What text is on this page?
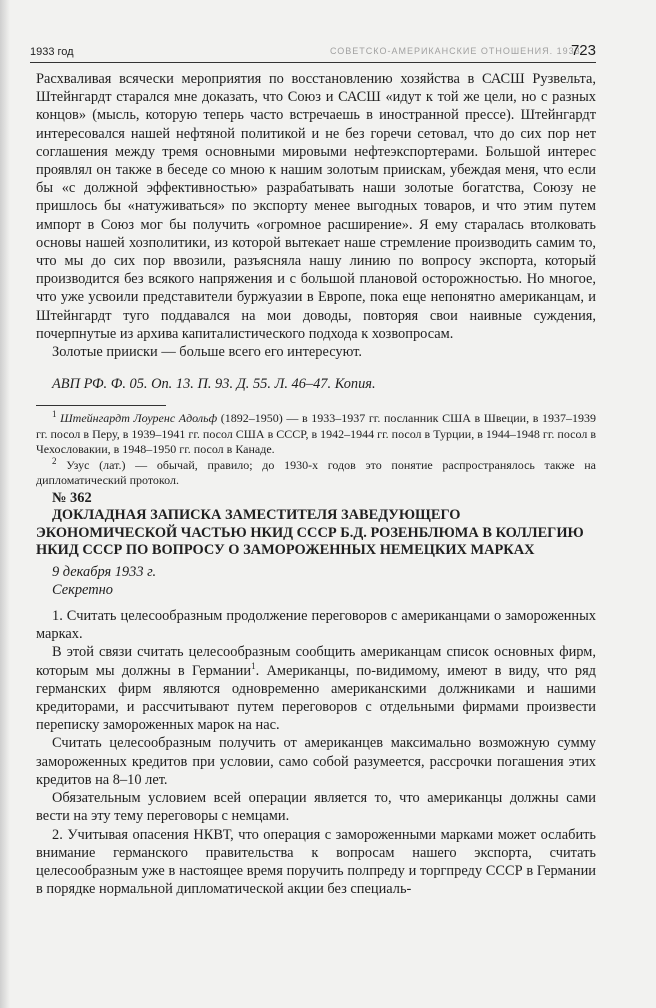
1933 год	СОВЕТСКО-АМЕРИКАНСКИЕ ОТНОШЕНИЯ. 1933
723

Расхваливая всячески мероприятия по восстановлению хозяйства в САСШ Рузвельта, Штейнгардт старался мне доказать, что Союз и САСШ «идут к той же цели, но с разных концов» (мысль, которую теперь часто встречаешь в иностранной прессе). Штейнгардт интересовался нашей нефтяной политикой и не без горечи сетовал, что до сих пор нет соглашения между тремя основными мировыми нефтеэкспортерами. Большой интерес проявлял он также в беседе со мною к нашим золотым приискам, убеждая меня, что если бы «с должной эффективностью» разрабатывать наши золотые богатства, Союзу не пришлось бы «натуживаться» по экспорту менее выгодных товаров, и что этим путем импорт в Союз мог бы получить «огромное расширение». Я ему старалась втолковать основы нашей хозполитики, из которой вытекает наше стремление производить самим то, что мы до сих пор ввозили, разъясняла нашу линию по вопросу экспорта, который производится без всякого напряжения и с большой плановой осторожностью. Но многое, что уже усвоили представители буржуазии в Европе, пока еще непонятно американцам, и Штейнгардт туго поддавался на мои доводы, повторяя свои наивные суждения, почерпнутые из архива капиталистического подхода к хозвопросам.

Золотые прииски — больше всего его интересуют.

АВП РФ. Ф. 05. Оп. 13. П. 93. Д. 55. Л. 46–47. Копия.

$^1$ Штейнгардт Лоуренс Адольф (1892–1950) — в 1933–1937 гг. посланник США в Швеции, в 1937–1939 гг. посол в Перу, в 1939–1941 гг. посол США в СССР, в 1942–1944 гг. посол в Турции, в 1944–1948 гг. посол в Чехословакии, в 1948–1950 гг. посол в Канаде.

$^2$ Узус (лат.) — обычай, правило; до 1930-х годов это понятие распространялось также на дипломатический протокол.

№ 362

ДОКЛАДНАЯ ЗАПИСКА ЗАМЕСТИТЕЛЯ ЗАВЕДУЮЩЕГО ЭКОНОМИЧЕСКОЙ ЧАСТЬЮ НКИД СССР Б.Д. РОЗЕНБЛЮМА В КОЛЛЕГИЮ НКИД СССР ПО ВОПРОСУ О ЗАМОРОЖЕННЫХ НЕМЕЦКИХ МАРКАХ

9 декабря 1933 г.

Секретно

1. Считать целесообразным продолжение переговоров с американцами о замороженных марках.

В этой связи считать целесообразным сообщить американцам список основных фирм, которым мы должны в Германии$^1$. Американцы, по-видимому, имеют в виду, что ряд германских фирм являются одновременно американскими должниками и нашими кредиторами, и рассчитывают путем переговоров с отдельными фирмами произвести переписку замороженных марок на нас.

Считать целесообразным получить от американцев максимально возможную сумму замороженных кредитов при условии, само собой разумеется, рассрочки погашения этих кредитов на 8–10 лет.

Обязательным условием всей операции является то, что американцы должны сами вести на эту тему переговоры с немцами.

2. Учитывая опасения НКВТ, что операция с замороженными марками может ослабить внимание германского правительства к вопросам нашего экспорта, считать целесообразным уже в настоящее время поручить полпреду и торгпреду СССР в Германии в порядке нормальной дипломатической акции без специаль-
